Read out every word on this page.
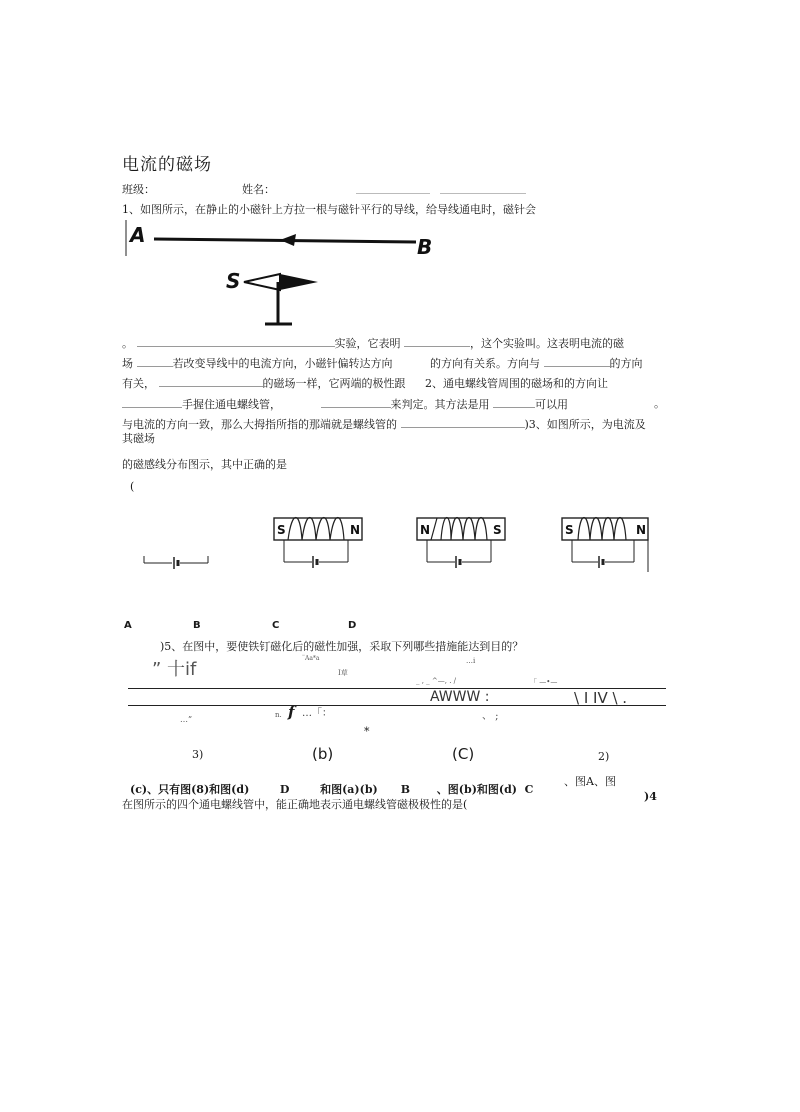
电流的磁场
班级：	姓名：
1、如图所示，在静止的小磁针上方拉一根与磁针平行的导线，给导线通电时，磁针会
A	B
S
。	实验，它表明	，这个实验叫。这表明电流的磁
场	若改变导线中的电流方向，小磁针偏转达方向	的方向有关系。方向与	的方向
有关，	的磁场一样，它两端的极性跟 2、通电螺线管周围的磁场和的方向让
手握住通电螺线管，	来判定。其方法是用	可以用	。
与电流的方向一致，那么大拇指所指的那端就是螺线管的	)3、如图所示，为电流及
其磁场
的磁感线分布图示，其中正确的是
(
S	N	N	S	S	N
A	B	C	D
)5、在图中，要使铁钉磁化后的磁性加强，采取下列哪些措施能达到目的？
” 十if
¨Aa*a	…i
I草
_ , _ ^—, . /	「 —•—
AWWW :	\ I IV \ .
、 ;
…”	n. f …「：
*
3)	(b)	(C)	2)
(c)、只有图(8)和图(d)        D        和图(a)(b)      B       、图(b)和图(d)  C
、图A、图
)4
在图所示的四个通电螺线管中，能正确地表示通电螺线管磁极极性的是(
